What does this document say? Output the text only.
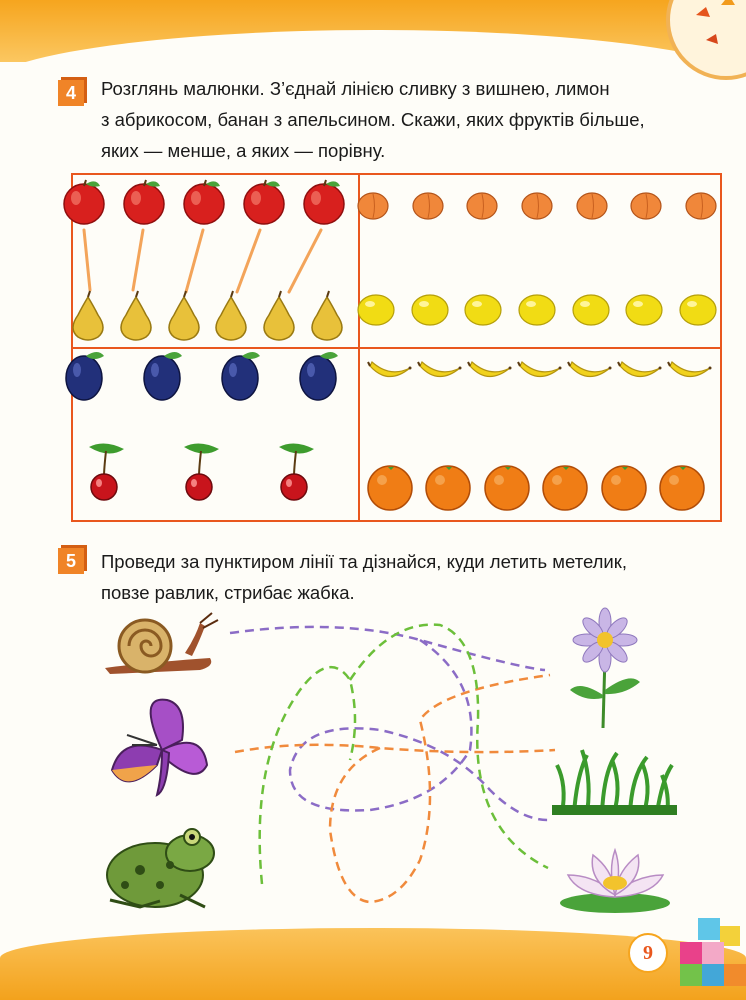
4	Розглянь малюнки. З’єднай лінією сливку з вишнею, лимон
з абрикосом, банан з апельсином. Скажи, яких фруктів більше,
яких — менше, а яких — порівну.
5	Проведи за пунктиром лінії та дізнайся, куди летить метелик,
повзе равлик, стрибає жабка.
9
